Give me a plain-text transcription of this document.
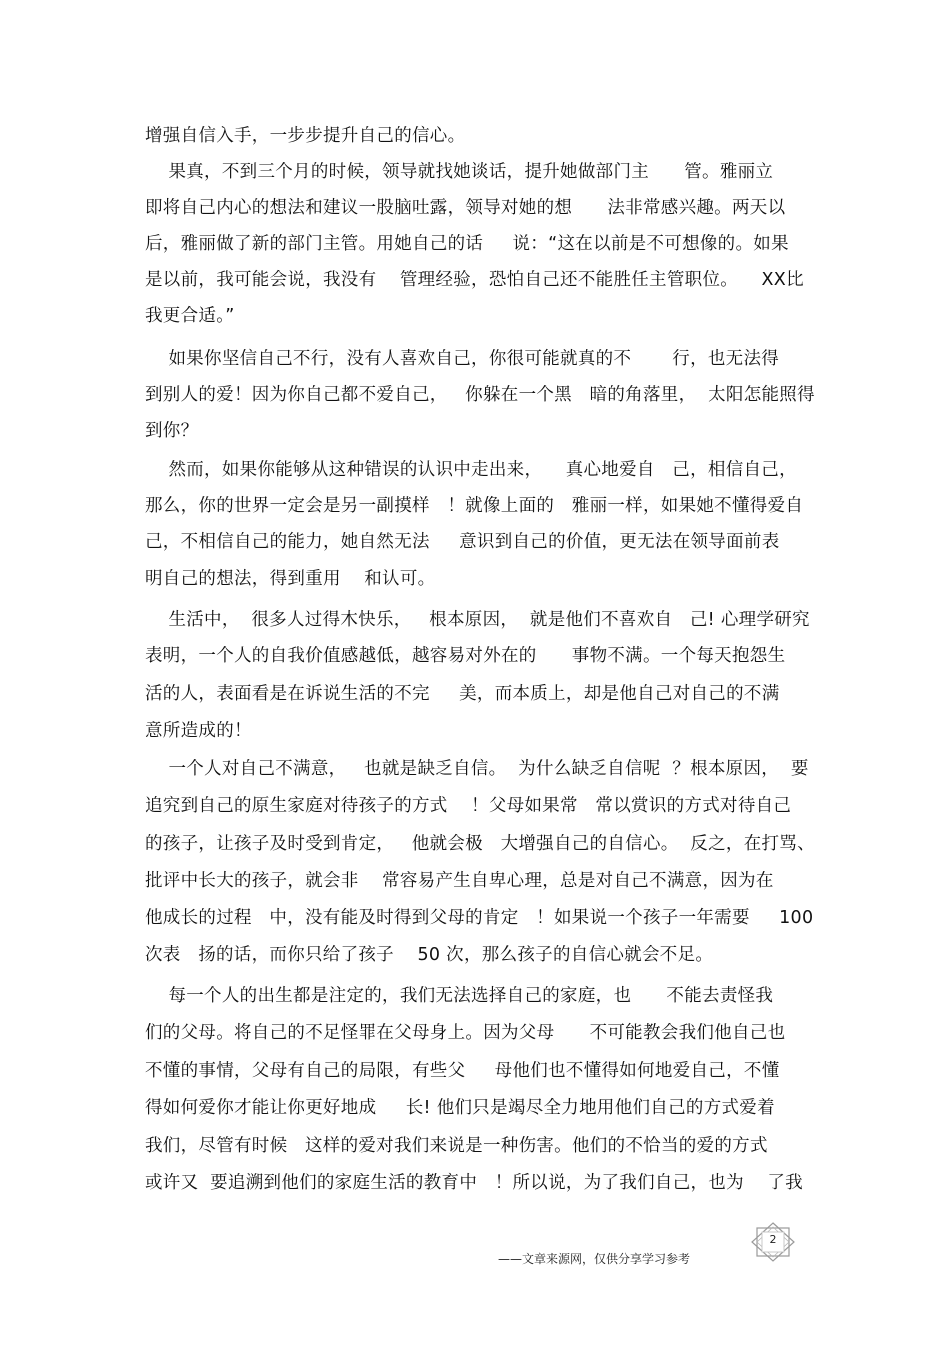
增强自信入手，一步步提升自己的信心。
果真，不到三个月的时候，领导就找她谈话，提升她做部门主      管。雅丽立
即将自己内心的想法和建议一股脑吐露，领导对她的想      法非常感兴趣。两天以
后，雅丽做了新的部门主管。用她自己的话     说：“这在以前是不可想像的。如果
是以前，我可能会说，我没有    管理经验，恐怕自己还不能胜任主管职位。    XX比
我更合适。”
如果你坚信自己不行，没有人喜欢自己，你很可能就真的不       行，也无法得
到别人的爱！因为你自己都不爱自己，   你躲在一个黑   暗的角落里，  太阳怎能照得
到你？
然而，如果你能够从这种错误的认识中走出来，    真心地爱自   己，相信自己，
那么，你的世界一定会是另一副摸样   ！就像上面的   雅丽一样，如果她不懂得爱自
己，不相信自己的能力，她自然无法     意识到自己的价值，更无法在领导面前表
明自己的想法，得到重用    和认可。
生活中，  很多人过得木快乐，   根本原因，  就是他们不喜欢自   己! 心理学研究
表明，一个人的自我价值感越低，越容易对外在的      事物不满。一个每天抱怨生
活的人，表面看是在诉说生活的不完     美，而本质上，却是他自己对自己的不满
意所造成的！
一个人对自己不满意，   也就是缺乏自信。  为什么缺乏自信呢  ？根本原因，  要
追究到自己的原生家庭对待孩子的方式    ！父母如果常   常以赏识的方式对待自己
的孩子，让孩子及时受到肯定，   他就会极   大增强自己的自信心。  反之，在打骂、
批评中长大的孩子，就会非    常容易产生自卑心理，总是对自己不满意，因为在
他成长的过程   中，没有能及时得到父母的肯定   ！如果说一个孩子一年需要     100
次表   扬的话，而你只给了孩子    50 次，那么孩子的自信心就会不足。
每一个人的出生都是注定的，我们无法选择自己的家庭，也      不能去责怪我
们的父母。将自己的不足怪罪在父母身上。因为父母      不可能教会我们他自己也
不懂的事情，父母有自己的局限，有些父     母他们也不懂得如何地爱自己，不懂
得如何爱你才能让你更好地成     长! 他们只是竭尽全力地用他们自己的方式爱着
我们，尽管有时候   这样的爱对我们来说是一种伤害。他们的不恰当的爱的方式
或许又  要追溯到他们的家庭生活的教育中   ！所以说，为了我们自己，也为    了我
2
——文章来源网，仅供分享学习参考
